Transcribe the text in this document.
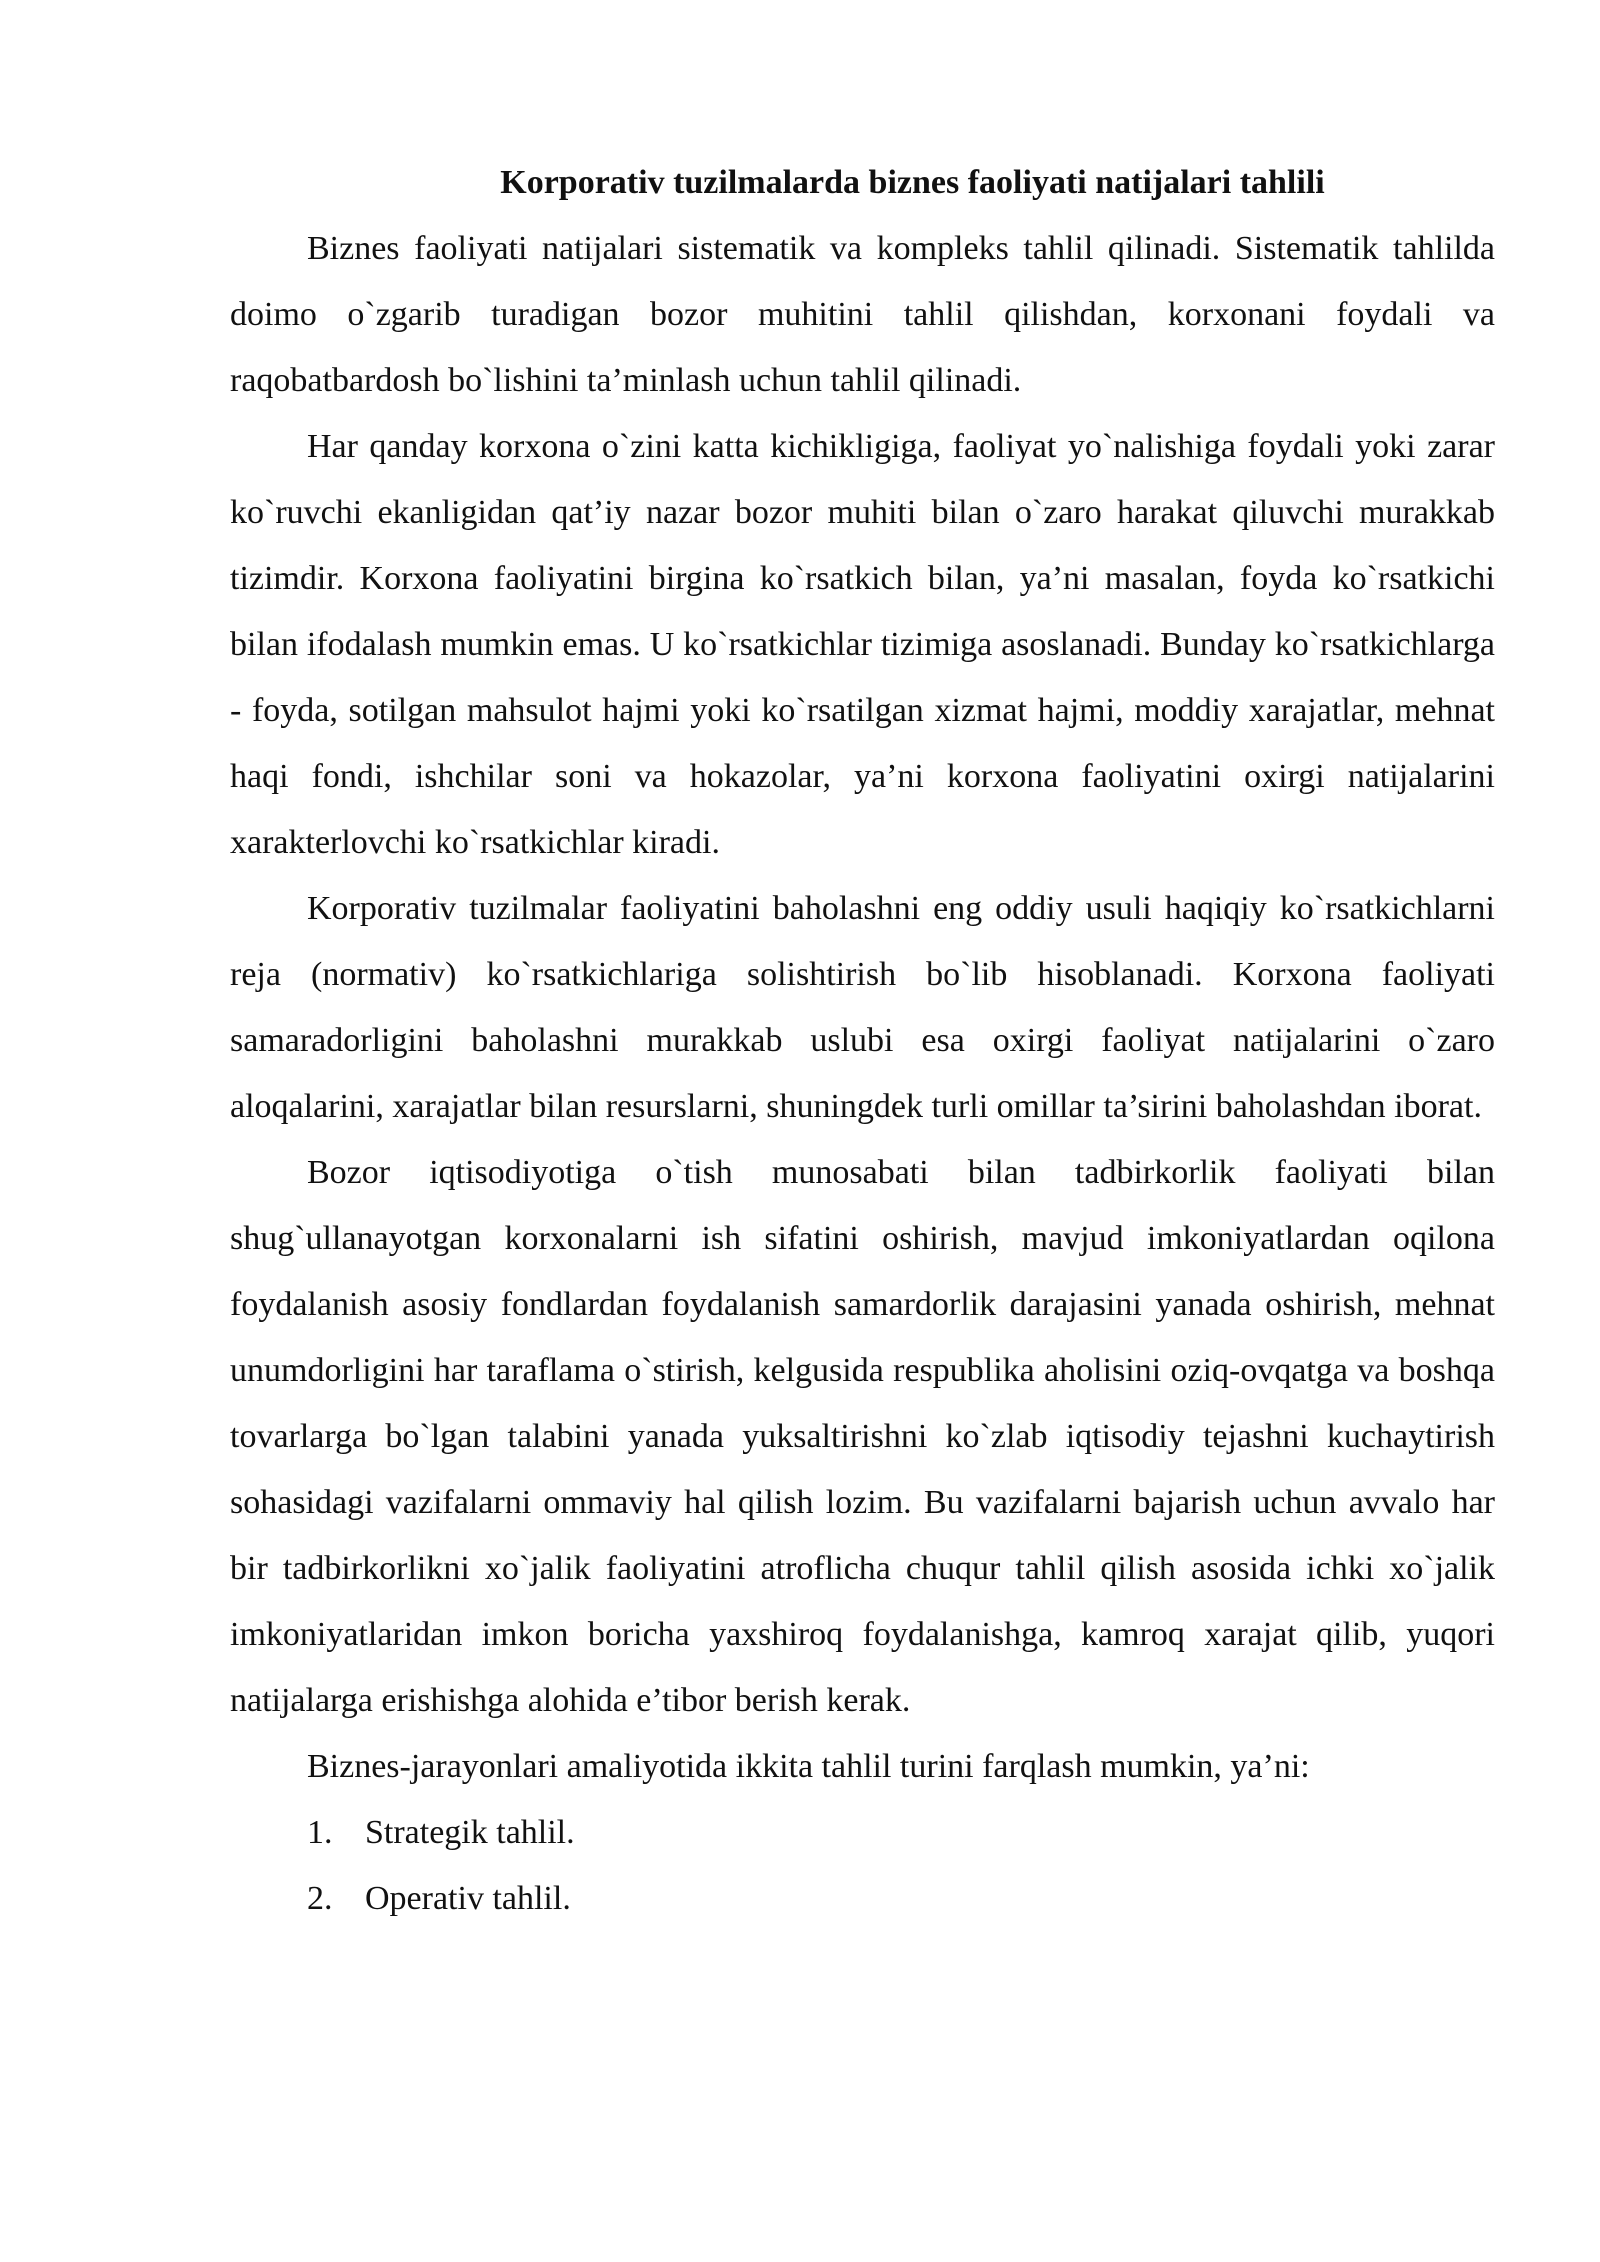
Korporativ tuzilmalarda biznes faoliyati natijalari tahlili

Biznes faoliyati natijalari sistematik va kompleks tahlil qilinadi. Sistematik tahlilda doimo o`zgarib turadigan bozor muhitini tahlil qilishdan, korxonani foydali va raqobatbardosh bo`lishini ta’minlash uchun tahlil qilinadi.

Har qanday korxona o`zini katta kichikligiga, faoliyat yo`nalishiga foydali yoki zarar ko`ruvchi ekanligidan qat’iy nazar bozor muhiti bilan o`zaro harakat qiluvchi murakkab tizimdir. Korxona faoliyatini birgina ko`rsatkich bilan, ya’ni masalan, foyda ko`rsatkichi bilan ifodalash mumkin emas. U ko`rsatkichlar tizimiga asoslanadi. Bunday ko`rsatkichlarga - foyda, sotilgan mahsulot hajmi yoki ko`rsatilgan xizmat hajmi, moddiy xarajatlar, mehnat haqi fondi, ishchilar soni va hokazolar, ya’ni korxona faoliyatini oxirgi natijalarini xarakterlovchi ko`rsatkichlar kiradi.

Korporativ tuzilmalar faoliyatini baholashni eng oddiy usuli haqiqiy ko`rsatkichlarni reja (normativ) ko`rsatkichlariga solishtirish bo`lib hisoblanadi. Korxona faoliyati samaradorligini baholashni murakkab uslubi esa oxirgi faoliyat natijalarini o`zaro aloqalarini, xarajatlar bilan resurslarni, shuningdek turli omillar ta’sirini baholashdan iborat.

Bozor iqtisodiyotiga o`tish munosabati bilan tadbirkorlik faoliyati bilan shug`ullanayotgan korxonalarni ish sifatini oshirish, mavjud imkoniyatlardan oqilona foydalanish asosiy fondlardan foydalanish samardorlik darajasini yanada oshirish, mehnat unumdorligini har taraflama o`stirish, kelgusida respublika aholisini oziq-ovqatga va boshqa tovarlarga bo`lgan talabini yanada yuksaltirishni ko`zlab iqtisodiy tejashni kuchaytirish sohasidagi vazifalarni ommaviy hal qilish lozim. Bu vazifalarni bajarish uchun avvalo har bir tadbirkorlikni xo`jalik faoliyatini atroflicha chuqur tahlil qilish asosida ichki xo`jalik imkoniyatlaridan imkon boricha yaxshiroq foydalanishga, kamroq xarajat qilib, yuqori natijalarga erishishga alohida e’tibor berish kerak.

Biznes-jarayonlari amaliyotida ikkita tahlil turini farqlash mumkin, ya’ni:

1. Strategik tahlil.
2. Operativ tahlil.
